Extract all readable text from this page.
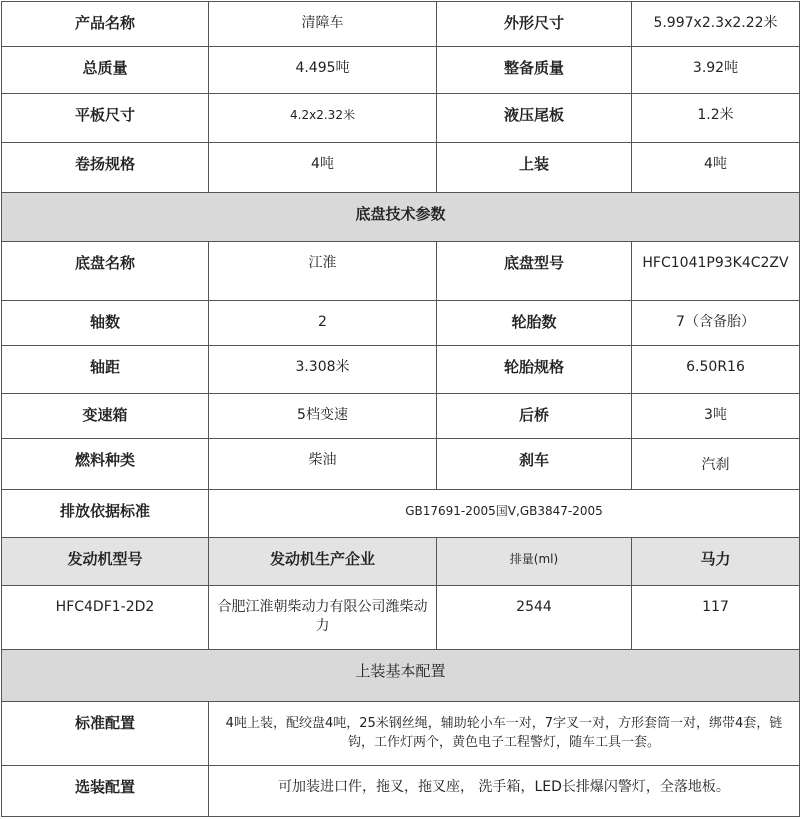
产品名称	清障车	外形尺寸	5.997x2.3x2.22米
总质量	4.495吨	整备质量	3.92吨
平板尺寸	4.2x2.32米	液压尾板	1.2米
卷扬规格	4吨	上装	4吨
底盘技术参数			
底盘名称	江淮	底盘型号	HFC1041P93K4C2ZV
轴数	2	轮胎数	7（含备胎）
轴距	3.308米	轮胎规格	6.50R16
变速箱	5档变速	后桥	3吨
燃料种类	柴油	刹车	汽刹
排放依据标准	GB17691-2005国V,GB3847-2005		
发动机型号	发动机生产企业	排量(ml)	马力
HFC4DF1-2D2	合肥江淮朝柴动力有限公司潍柴动力	2544	117
上装基本配置			
标准配置	4吨上装，配绞盘4吨，25米钢丝绳，辅助轮小车一对，7字叉一对，方形套筒一对，绑带4套，链钩，工作灯两个，黄色电子工程警灯，随车工具一套。		
选装配置	可加装进口件，拖叉，拖叉座， 洗手箱，LED长排爆闪警灯，全落地板。		
